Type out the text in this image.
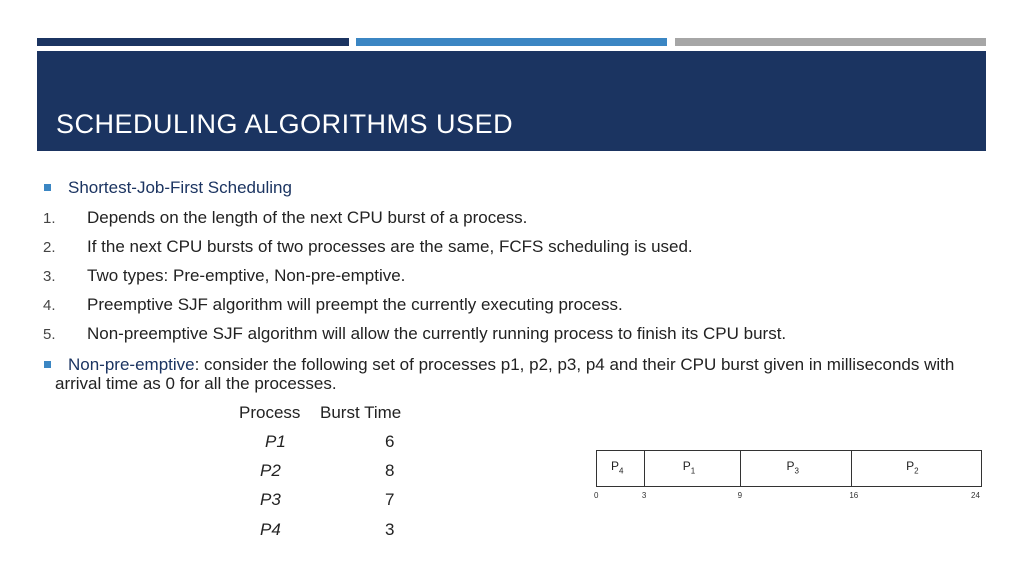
SCHEDULING ALGORITHMS USED
Shortest-Job-First Scheduling
1. Depends on the length of the next CPU burst of a process.
2. If the next CPU bursts of two processes are the same, FCFS scheduling is used.
3. Two types: Pre-emptive, Non-pre-emptive.
4. Preemptive SJF algorithm will preempt the currently executing process.
5. Non-preemptive SJF algorithm will allow the currently running process to finish its CPU burst.
Non-pre-emptive: consider the following set of processes p1, p2, p3, p4 and their CPU burst given in milliseconds with
arrival time as 0 for all the processes.
Process Burst Time
P1	6
P2	8
P3	7
P4	3
$P_4$	$P_1$	$P_3$	$P_2$
0	3	9	16	24
